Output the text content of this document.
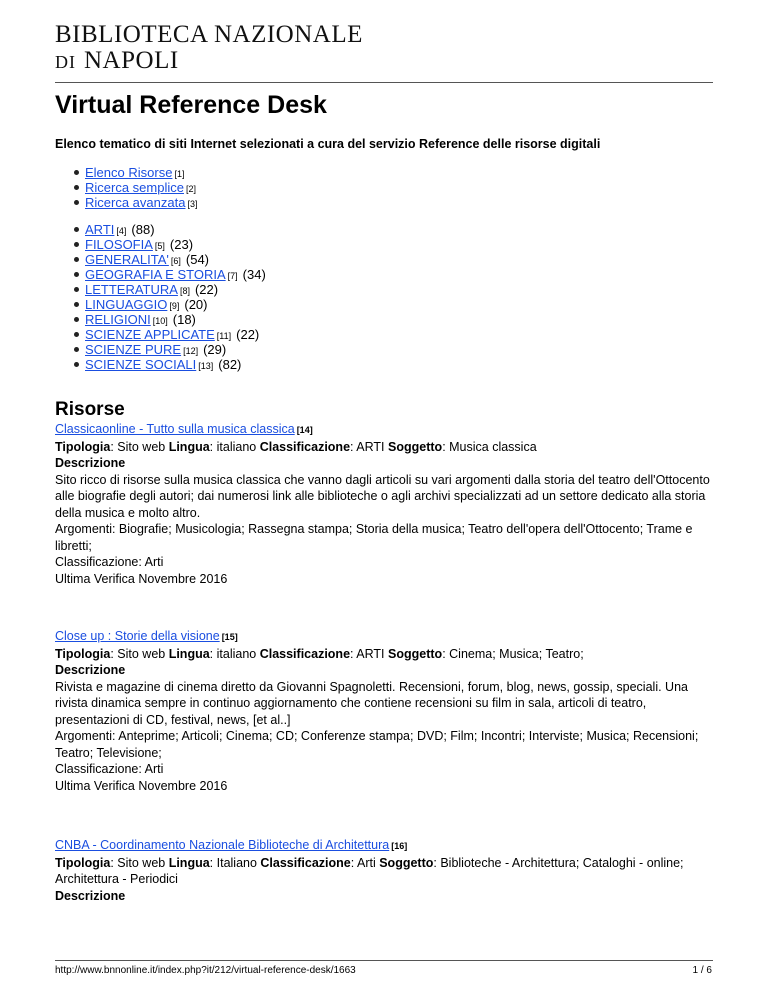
BIBLIOTECA NAZIONALE
DI NAPOLI
Virtual Reference Desk
Elenco tematico di siti Internet selezionati a cura del servizio Reference delle risorse digitali
Elenco Risorse [1]
Ricerca semplice [2]
Ricerca avanzata [3]
ARTI [4] (88)
FILOSOFIA [5] (23)
GENERALITA' [6] (54)
GEOGRAFIA E STORIA [7] (34)
LETTERATURA [8] (22)
LINGUAGGIO [9] (20)
RELIGIONI [10] (18)
SCIENZE APPLICATE [11] (22)
SCIENZE PURE [12] (29)
SCIENZE SOCIALI [13] (82)
Risorse

Classicaonline - Tutto sulla musica classica [14]

Tipologia: Sito web Lingua: italiano Classificazione: ARTI Soggetto: Musica classica

Descrizione

Sito ricco di risorse sulla musica classica che vanno dagli articoli su vari argomenti dalla storia del teatro dell'Ottocento alle biografie degli autori; dai numerosi link alle biblioteche o agli archivi specializzati ad un settore dedicato alla storia della musica e molto altro.

Argomenti: Biografie; Musicologia; Rassegna stampa; Storia della musica; Teatro dell'opera dell'Ottocento; Trame e libretti;

Classificazione: Arti

Ultima Verifica Novembre 2016

Close up : Storie della visione [15]

Tipologia: Sito web Lingua: italiano Classificazione: ARTI Soggetto: Cinema; Musica; Teatro;

Descrizione

Rivista e magazine di cinema diretto da Giovanni Spagnoletti. Recensioni, forum, blog, news, gossip, speciali. Una rivista dinamica sempre in continuo aggiornamento che contiene recensioni su film in sala, articoli di teatro, presentazioni di CD, festival, news, [et al..]

Argomenti: Anteprime; Articoli; Cinema; CD; Conferenze stampa; DVD; Film; Incontri; Interviste; Musica; Recensioni; Teatro; Televisione;

Classificazione: Arti

Ultima Verifica Novembre 2016

CNBA - Coordinamento Nazionale Biblioteche di Architettura [16]

Tipologia: Sito web Lingua: Italiano Classificazione: Arti Soggetto: Biblioteche - Architettura; Cataloghi - online; Architettura - Periodici

Descrizione

http://www.bnnonline.it/index.php?it/212/virtual-reference-desk/1663	1 / 6
